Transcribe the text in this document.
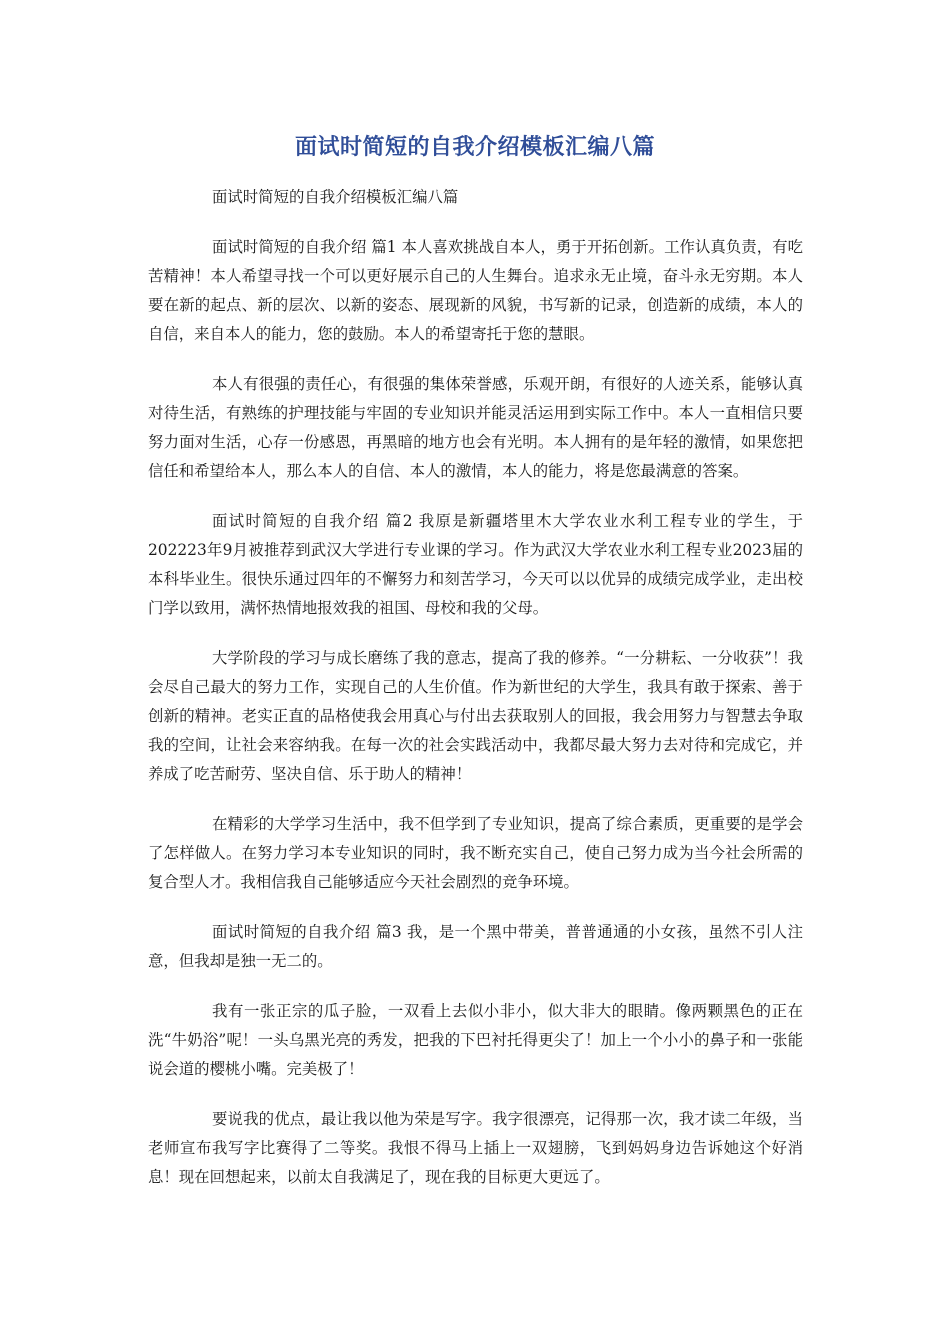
面试时简短的自我介绍模板汇编八篇

面试时简短的自我介绍模板汇编八篇

面试时简短的自我介绍 篇1 本人喜欢挑战自本人，勇于开拓创新。工作认真负责，有吃苦精神！本人希望寻找一个可以更好展示自己的人生舞台。追求永无止境，奋斗永无穷期。本人要在新的起点、新的层次、以新的姿态、展现新的风貌，书写新的记录，创造新的成绩，本人的自信，来自本人的能力，您的鼓励。本人的希望寄托于您的慧眼。

本人有很强的责任心，有很强的集体荣誉感，乐观开朗，有很好的人迹关系，能够认真对待生活，有熟练的护理技能与牢固的专业知识并能灵活运用到实际工作中。本人一直相信只要努力面对生活，心存一份感恩，再黑暗的地方也会有光明。本人拥有的是年轻的激情，如果您把信任和希望给本人，那么本人的自信、本人的激情，本人的能力，将是您最满意的答案。

面试时简短的自我介绍 篇2 我原是新疆塔里木大学农业水利工程专业的学生，于202223年9月被推荐到武汉大学进行专业课的学习。作为武汉大学农业水利工程专业2023届的本科毕业生。很快乐通过四年的不懈努力和刻苦学习，今天可以以优异的成绩完成学业，走出校门学以致用，满怀热情地报效我的祖国、母校和我的父母。

大学阶段的学习与成长磨练了我的意志，提高了我的修养。“一分耕耘、一分收获”！我会尽自己最大的努力工作，实现自己的人生价值。作为新世纪的大学生，我具有敢于探索、善于创新的精神。老实正直的品格使我会用真心与付出去获取别人的回报，我会用努力与智慧去争取我的空间，让社会来容纳我。在每一次的社会实践活动中，我都尽最大努力去对待和完成它，并养成了吃苦耐劳、坚决自信、乐于助人的精神！

在精彩的大学学习生活中，我不但学到了专业知识，提高了综合素质，更重要的是学会了怎样做人。在努力学习本专业知识的同时，我不断充实自己，使自己努力成为当今社会所需的复合型人才。我相信我自己能够适应今天社会剧烈的竞争环境。

面试时简短的自我介绍 篇3 我，是一个黑中带美，普普通通的小女孩，虽然不引人注意，但我却是独一无二的。

我有一张正宗的瓜子脸，一双看上去似小非小，似大非大的眼睛。像两颗黑色的正在洗“牛奶浴”呢！一头乌黑光亮的秀发，把我的下巴衬托得更尖了！加上一个小小的鼻子和一张能说会道的樱桃小嘴。完美极了！

要说我的优点，最让我以他为荣是写字。我字很漂亮，记得那一次，我才读二年级，当老师宣布我写字比赛得了二等奖。我恨不得马上插上一双翅膀，飞到妈妈身边告诉她这个好消息！现在回想起来，以前太自我满足了，现在我的目标更大更远了。
